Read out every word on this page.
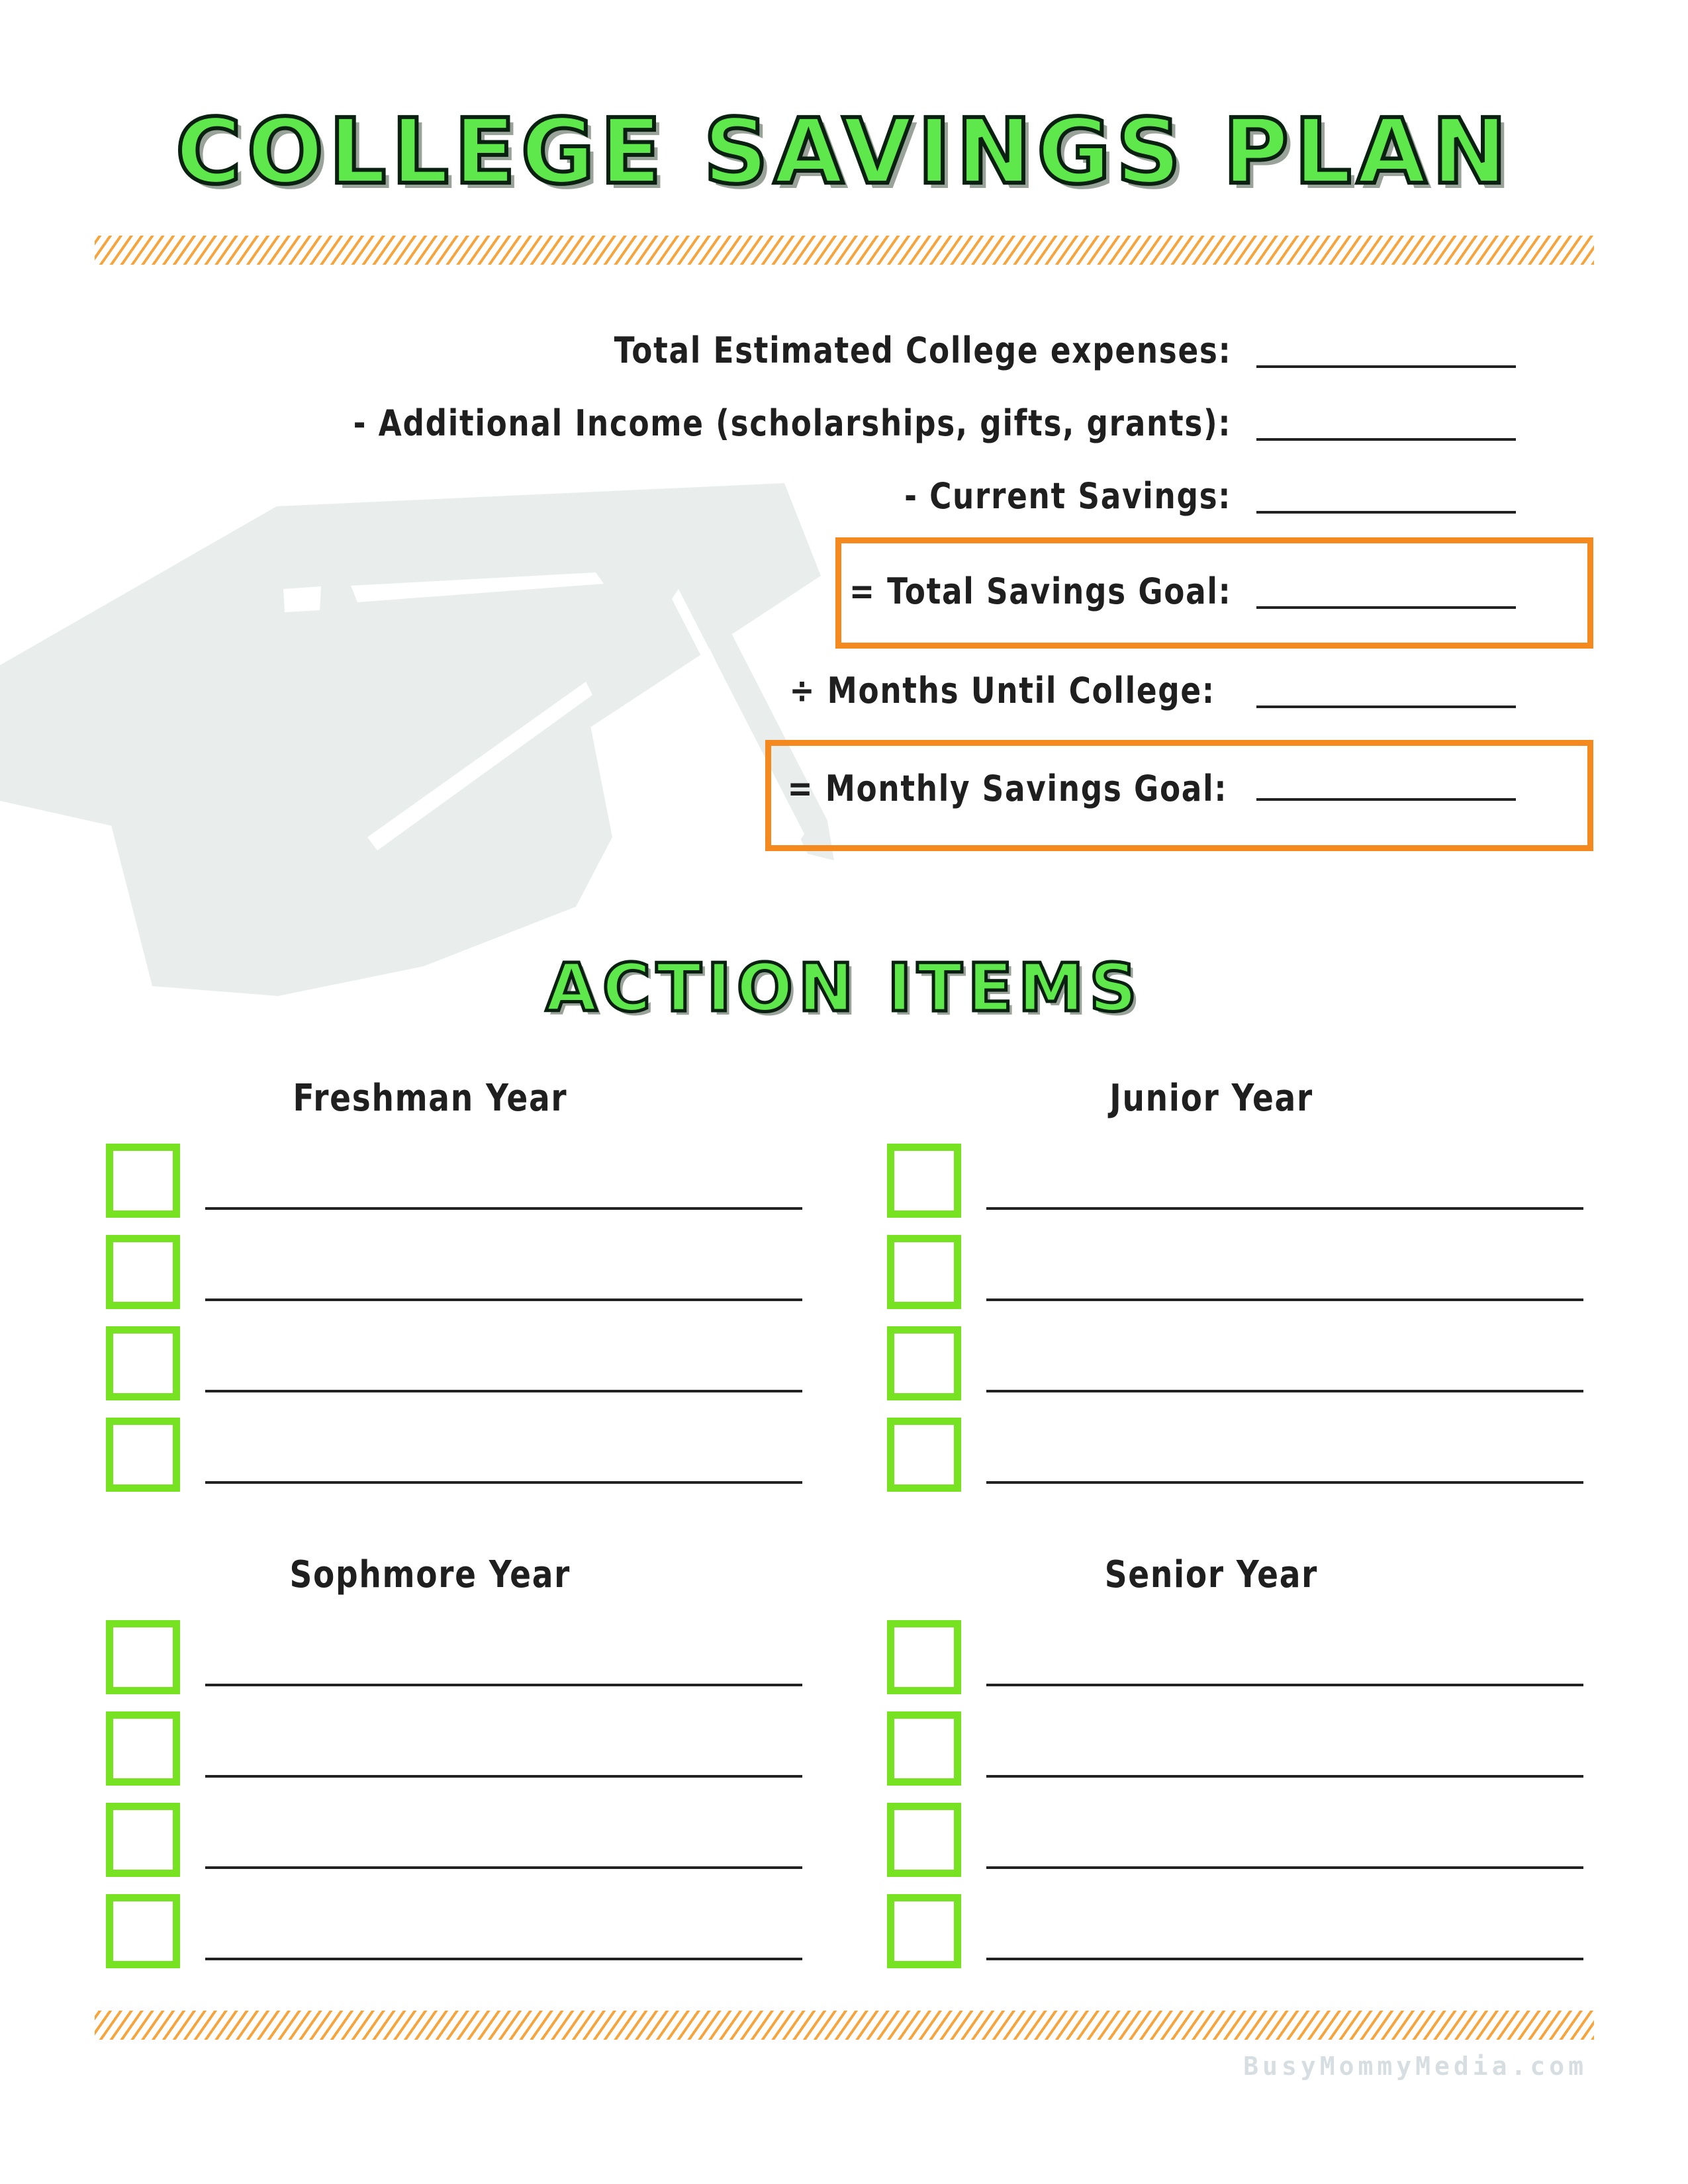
COLLEGE SAVINGS PLAN
Total Estimated College expenses:
- Additional Income (scholarships, gifts, grants):
- Current Savings:
= Total Savings Goal:
÷ Months Until College:
= Monthly Savings Goal:
ACTION ITEMS
Freshman Year	Junior Year
Sophmore Year	Senior Year
BusyMommyMedia.com
